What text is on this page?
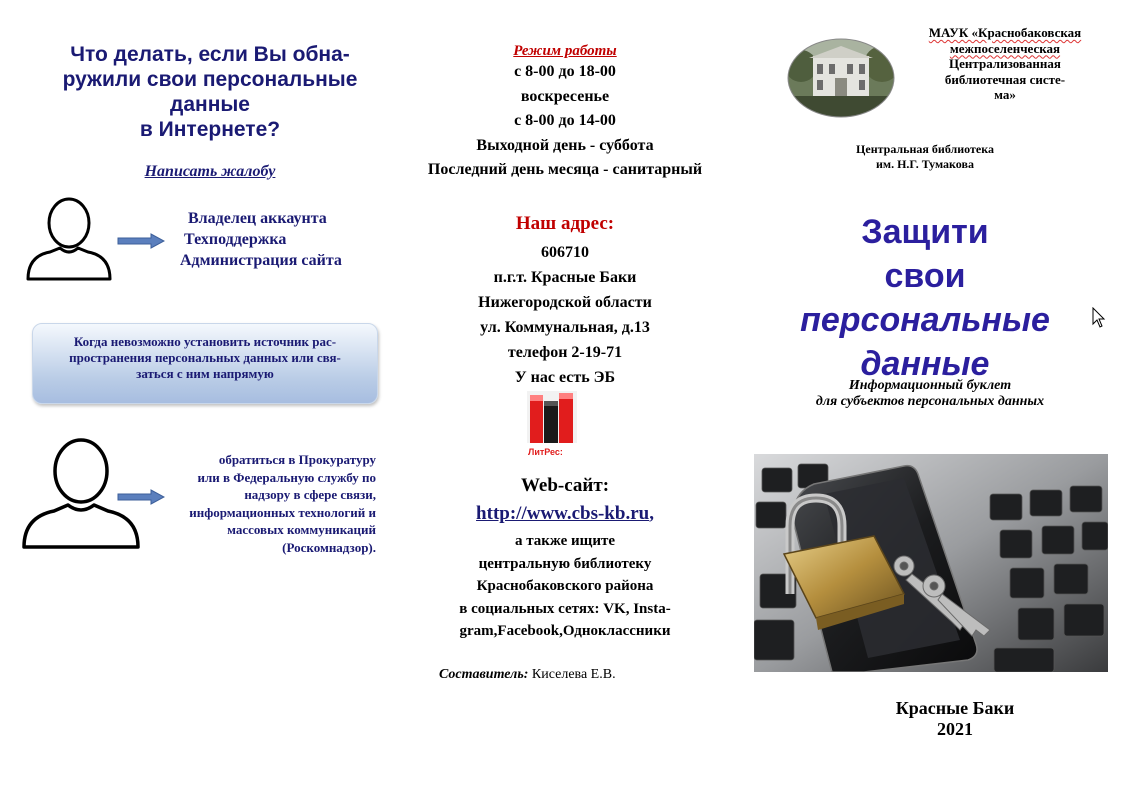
Что делать, если Вы обна-
ружили свои персональные
данные
в Интернете?
Написать жалобу
Владелец аккаунта
Техподдержка
Администрация сайта
Когда невозможно установить источник рас-
пространения персональных данных или свя-
заться с ним напрямую
обратиться в Прокуратуру
или в Федеральную службу по
надзору в сфере связи,
информационных технологий и
массовых коммуникаций
(Роскомнадзор).
Режим работы
с 8-00 до 18-00
воскресенье
с 8-00 до 14-00
Выходной день - суббота
Последний день месяца - санитарный
Наш адрес:
606710
п.г.т. Красные Баки
Нижегородской области
ул. Коммунальная, д.13
телефон 2-19-71
У нас есть ЭБ
ЛитРес:
Web-сайт:
http://www.cbs-kb.ru,
а также ищите
центральную библиотеку
Краснобаковского района
в социальных сетях: VK, Insta-
gram,Facebook,Одноклассники
Составитель: Киселева Е.В.
МАУК «Краснобаковская
межпоселенческая
Централизованная
библиотечная систе-
ма»
Центральная библиотека
им. Н.Г. Тумакова
Защити
свои
персональные
данные
Информационный буклет
для субъектов персональных данных
Красные Баки
2021
